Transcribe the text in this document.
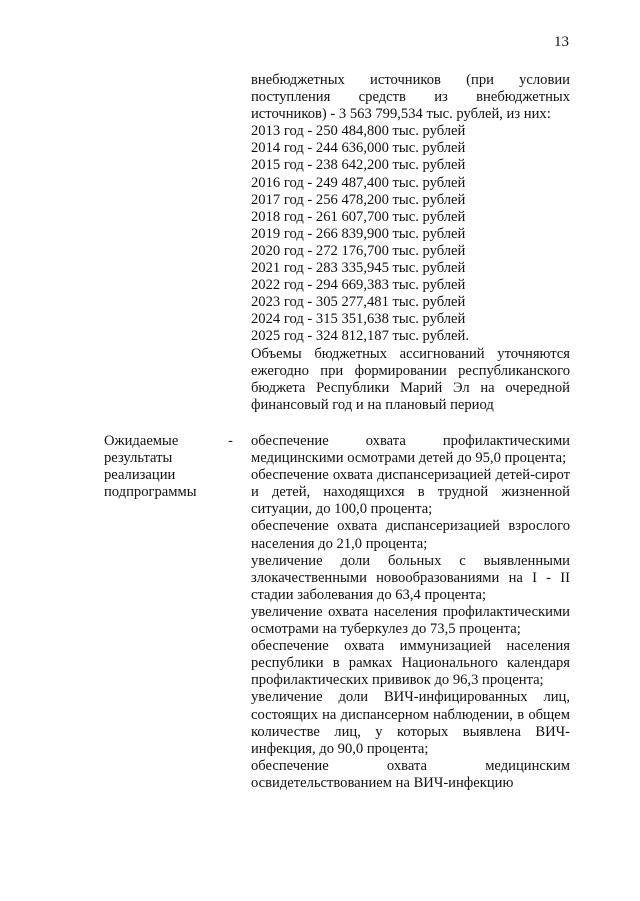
13
внебюджетных источников (при условии поступления средств из внебюджетных источников) - 3 563 799,534 тыс. рублей, из них:
2013 год - 250 484,800 тыс. рублей
2014 год - 244 636,000 тыс. рублей
2015 год - 238 642,200 тыс. рублей
2016 год - 249 487,400 тыс. рублей
2017 год - 256 478,200 тыс. рублей
2018 год - 261 607,700 тыс. рублей
2019 год - 266 839,900 тыс. рублей
2020 год - 272 176,700 тыс. рублей
2021 год - 283 335,945 тыс. рублей
2022 год - 294 669,383 тыс. рублей
2023 год - 305 277,481 тыс. рублей
2024 год - 315 351,638 тыс. рублей
2025 год - 324 812,187 тыс. рублей.
Объемы бюджетных ассигнований уточняются ежегодно при формировании республиканского бюджета Республики Марий Эл на очередной финансовый год и на плановый период
Ожидаемые результаты реализации подпрограммы
- обеспечение охвата профилактическими медицинскими осмотрами детей до 95,0 процента;
обеспечение охвата диспансеризацией детей-сирот и детей, находящихся в трудной жизненной ситуации, до 100,0 процента;
обеспечение охвата диспансеризацией взрослого населения до 21,0 процента;
увеличение доли больных с выявленными злокачественными новообразованиями на I - II стадии заболевания до 63,4 процента;
увеличение охвата населения профилактическими осмотрами на туберкулез до 73,5 процента;
обеспечение охвата иммунизацией населения республики в рамках Национального календаря профилактических прививок до 96,3 процента;
увеличение доли ВИЧ-инфицированных лиц, состоящих на диспансерном наблюдении, в общем количестве лиц, у которых выявлена ВИЧ-инфекция, до 90,0 процента;
обеспечение охвата медицинским освидетельствованием на ВИЧ-инфекцию
